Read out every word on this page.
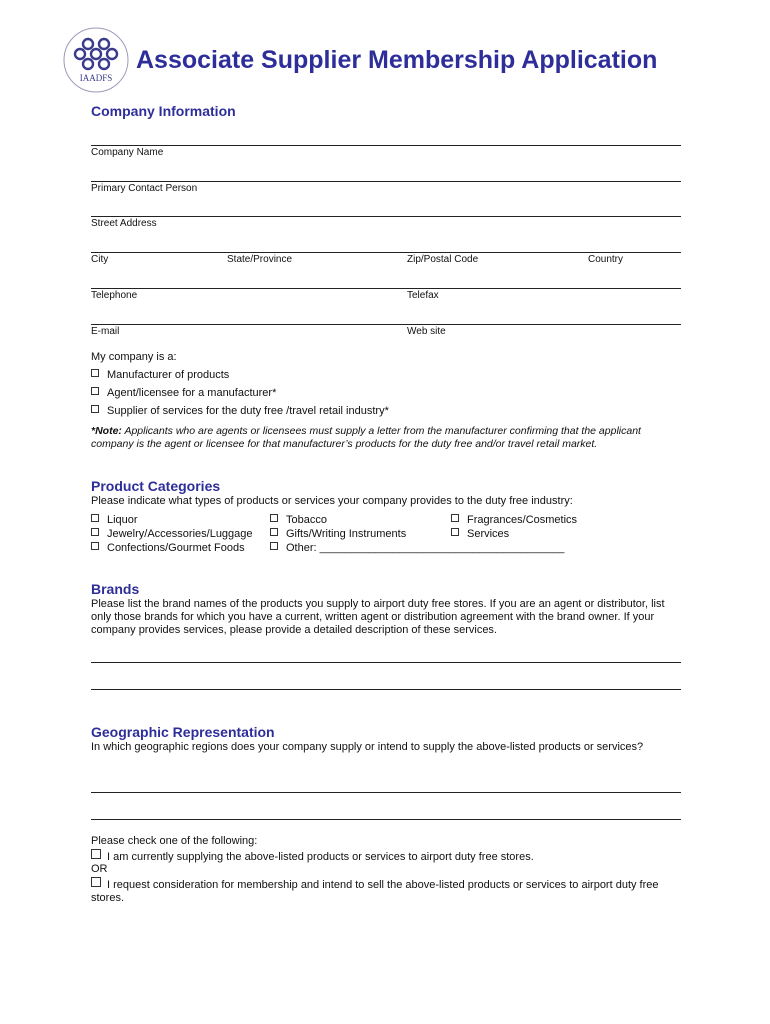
IAADFS
Associate Supplier Membership Application
Company Information
Company Name
Primary Contact Person
Street Address
City	State/Province	Zip/Postal Code	Country
Telephone	Telefax
E-mail	Web site
My company is a:
Manufacturer of products
Agent/licensee for a manufacturer*
Supplier of services for the duty free /travel retail industry*
*Note: Applicants who are agents or licensees must supply a letter from the manufacturer confirming that the applicant company is the agent or licensee for that manufacturer’s products for the duty free and/or travel retail market.
Product Categories
Please indicate what types of products or services your company provides to the duty free industry:
Liquor
Jewelry/Accessories/Luggage
Confections/Gourmet Foods
Tobacco
Gifts/Writing Instruments
Other: ________________________________________
Fragrances/Cosmetics
Services
Brands
Please list the brand names of the products you supply to airport duty free stores. If you are an agent or distributor, list only those brands for which you have a current, written agent or distribution agreement with the brand owner. If your company provides services, please provide a detailed description of these services.
Geographic Representation
In which geographic regions does your company supply or intend to supply the above-listed products or services?
Please check one of the following:
I am currently supplying the above-listed products or services to airport duty free stores.
OR
I request consideration for membership and intend to sell the above-listed products or services to airport duty free stores.
